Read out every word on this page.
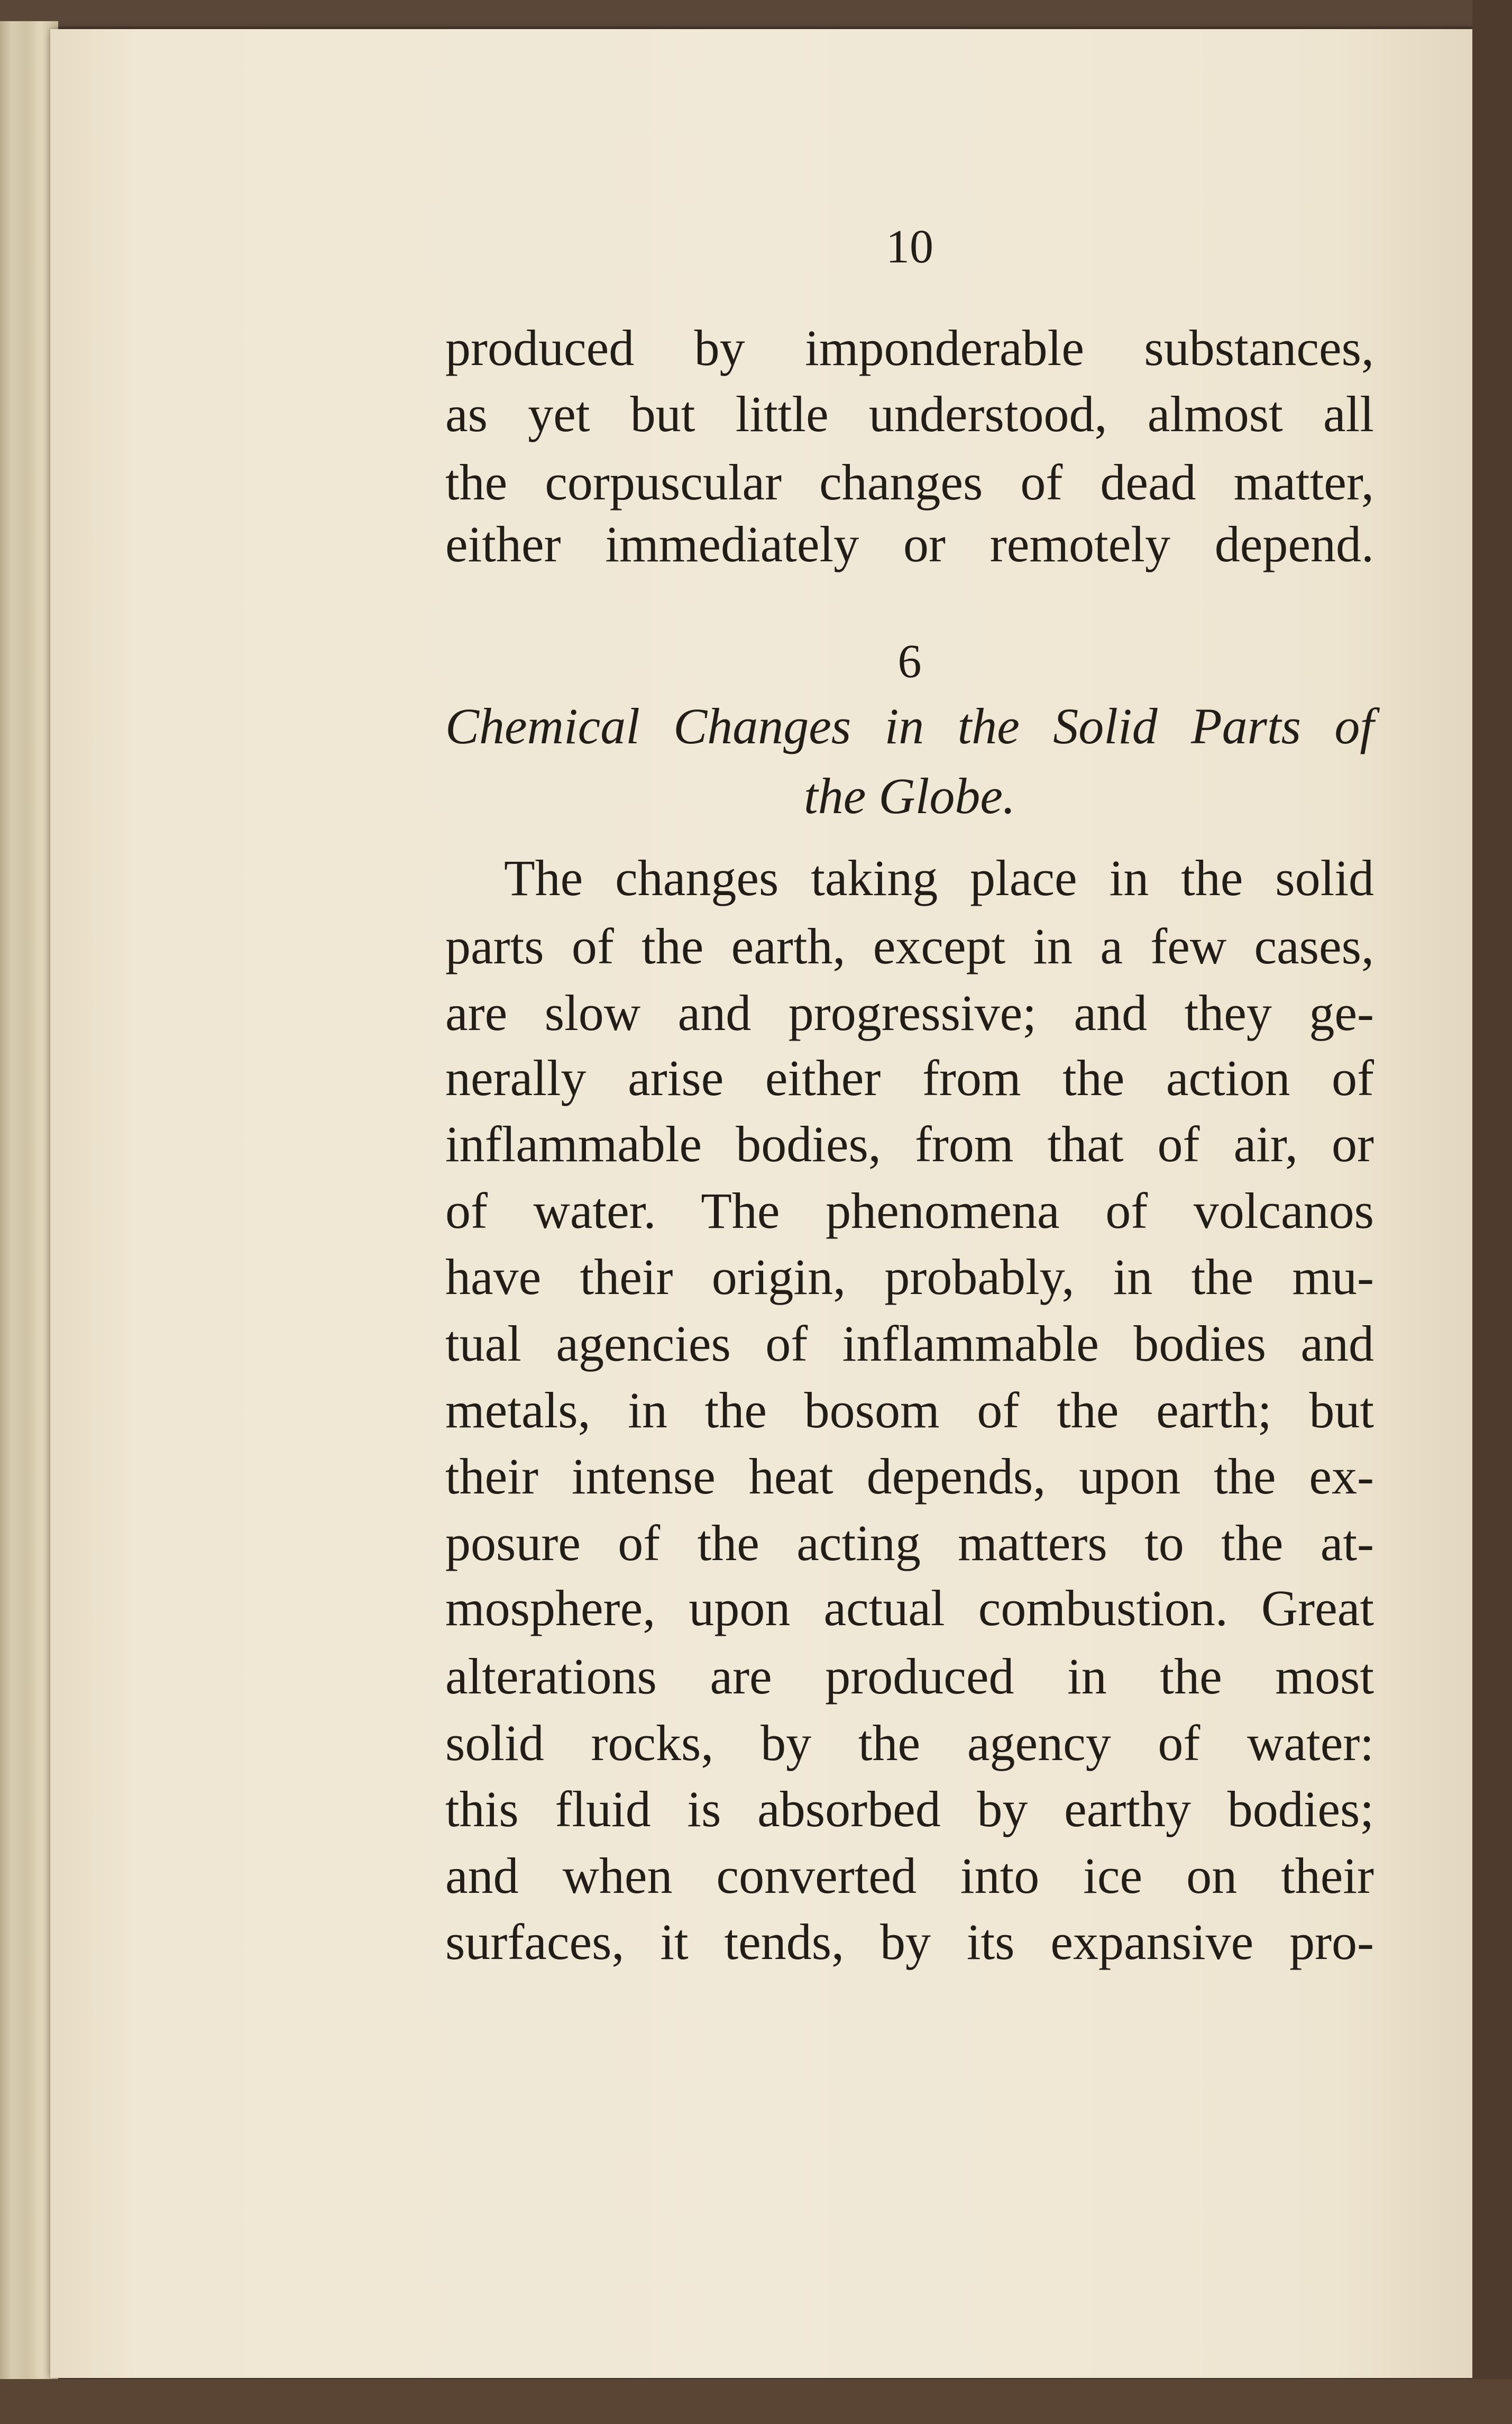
10
produced by imponderable substances,
as yet but little understood, almost all
the corpuscular changes of dead matter,
either immediately or remotely depend.
6
Chemical Changes in the Solid Parts of
the Globe.
The changes taking place in the solid
parts of the earth, except in a few cases,
are slow and progressive; and they ge-
nerally arise either from the action of
inflammable bodies, from that of air, or
of water. The phenomena of volcanos
have their origin, probably, in the mu-
tual agencies of inflammable bodies and
metals, in the bosom of the earth; but
their intense heat depends, upon the ex-
posure of the acting matters to the at-
mosphere, upon actual combustion. Great
alterations are produced in the most
solid rocks, by the agency of water:
this fluid is absorbed by earthy bodies;
and when converted into ice on their
surfaces, it tends, by its expansive pro-
